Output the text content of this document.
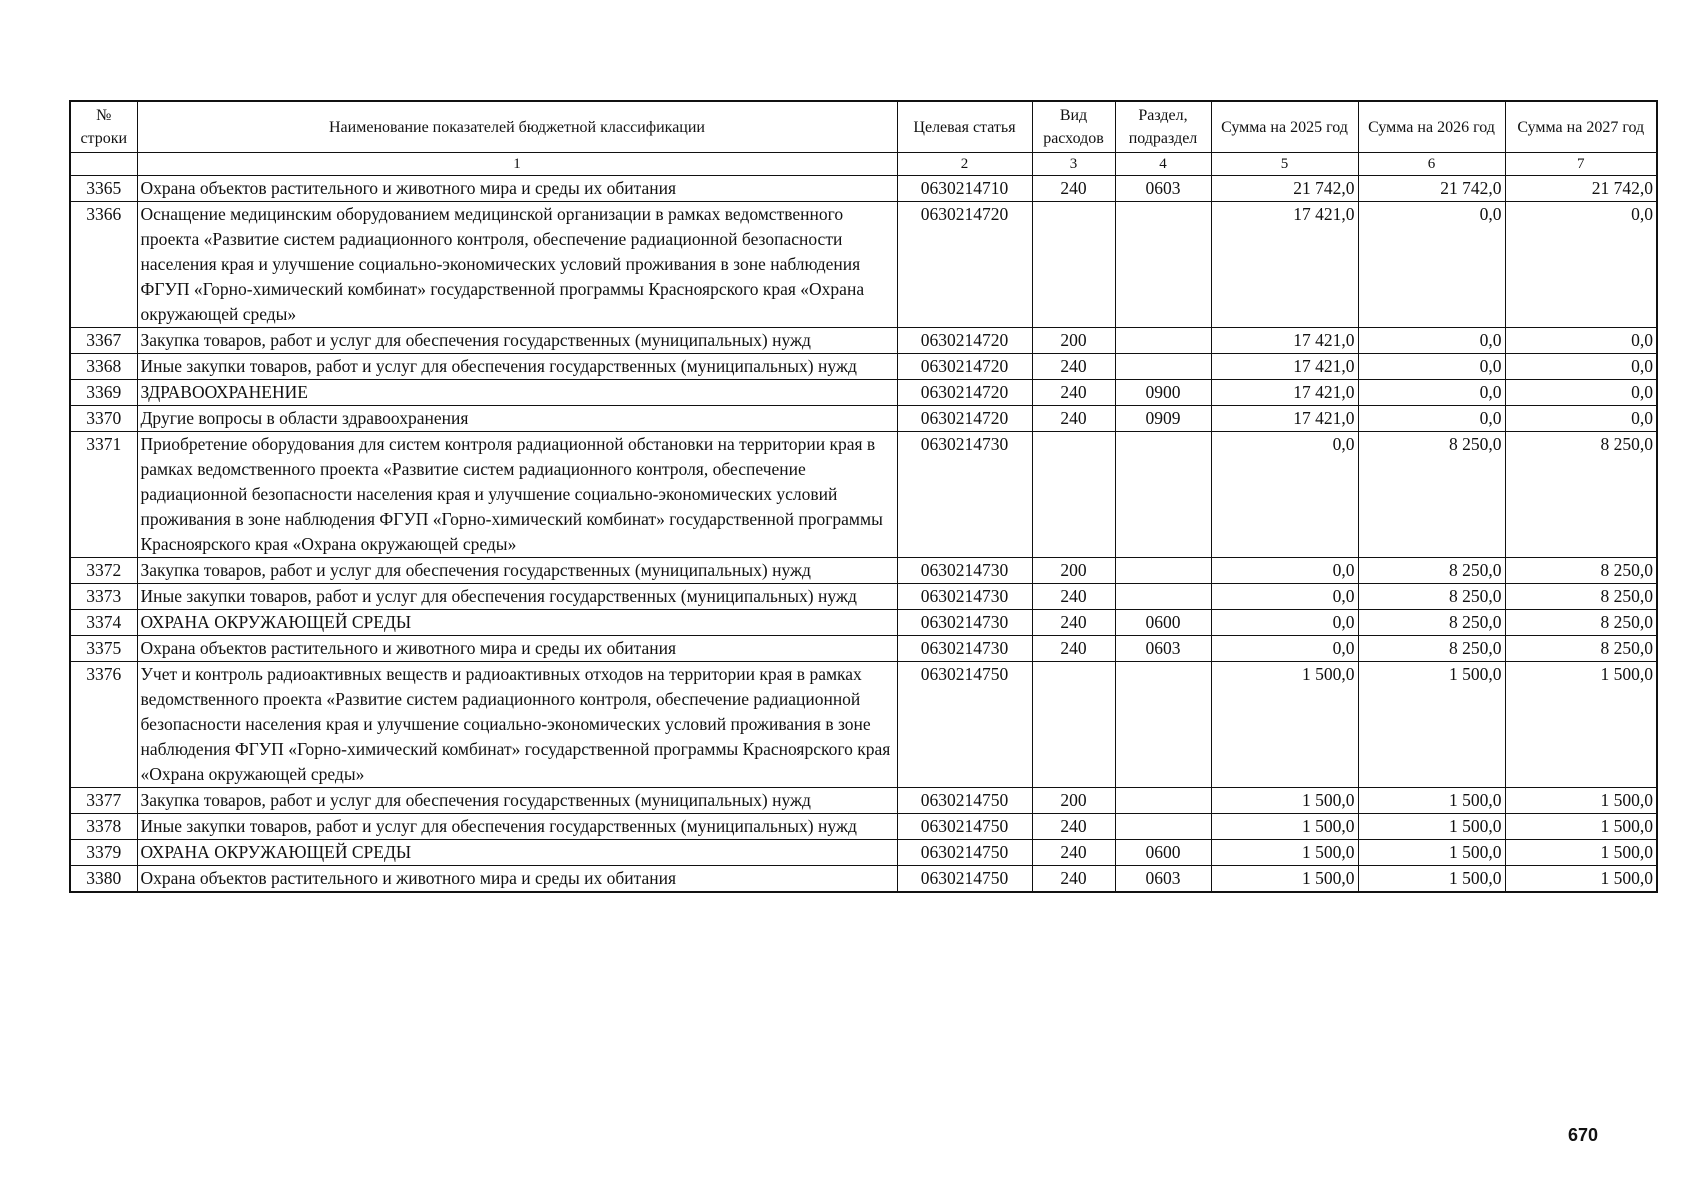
№ строки	Наименование показателей бюджетной классификации	Целевая статья	Вид расходов	Раздел, подраздел	Сумма на 2025 год	Сумма на 2026 год	Сумма на 2027 год
	1	2	3	4	5	6	7
3365	Охрана объектов растительного и животного мира и среды их обитания	0630214710	240	0603	21 742,0	21 742,0	21 742,0
3366	Оснащение медицинским оборудованием медицинской организации в рамках ведомственного проекта «Развитие систем радиационного контроля, обеспечение радиационной безопасности населения края и улучшение социально-экономических условий проживания в зоне наблюдения ФГУП «Горно-химический комбинат» государственной программы Красноярского края «Охрана окружающей среды»	0630214720			17 421,0	0,0	0,0
3367	Закупка товаров, работ и услуг для обеспечения государственных (муниципальных) нужд	0630214720	200		17 421,0	0,0	0,0
3368	Иные закупки товаров, работ и услуг для обеспечения государственных (муниципальных) нужд	0630214720	240		17 421,0	0,0	0,0
3369	ЗДРАВООХРАНЕНИЕ	0630214720	240	0900	17 421,0	0,0	0,0
3370	Другие вопросы в области здравоохранения	0630214720	240	0909	17 421,0	0,0	0,0
3371	Приобретение оборудования для систем контроля радиационной обстановки на территории края в рамках ведомственного проекта «Развитие систем радиационного контроля, обеспечение радиационной безопасности населения края и улучшение социально-экономических условий проживания в зоне наблюдения ФГУП «Горно-химический комбинат» государственной программы Красноярского края «Охрана окружающей среды»	0630214730			0,0	8 250,0	8 250,0
3372	Закупка товаров, работ и услуг для обеспечения государственных (муниципальных) нужд	0630214730	200		0,0	8 250,0	8 250,0
3373	Иные закупки товаров, работ и услуг для обеспечения государственных (муниципальных) нужд	0630214730	240		0,0	8 250,0	8 250,0
3374	ОХРАНА ОКРУЖАЮЩЕЙ СРЕДЫ	0630214730	240	0600	0,0	8 250,0	8 250,0
3375	Охрана объектов растительного и животного мира и среды их обитания	0630214730	240	0603	0,0	8 250,0	8 250,0
3376	Учет и контроль радиоактивных веществ и радиоактивных отходов на территории края в рамках ведомственного проекта «Развитие систем радиационного контроля, обеспечение радиационной безопасности населения края и улучшение социально-экономических условий проживания в зоне наблюдения ФГУП «Горно-химический комбинат» государственной программы Красноярского края «Охрана окружающей среды»	0630214750			1 500,0	1 500,0	1 500,0
3377	Закупка товаров, работ и услуг для обеспечения государственных (муниципальных) нужд	0630214750	200		1 500,0	1 500,0	1 500,0
3378	Иные закупки товаров, работ и услуг для обеспечения государственных (муниципальных) нужд	0630214750	240		1 500,0	1 500,0	1 500,0
3379	ОХРАНА ОКРУЖАЮЩЕЙ СРЕДЫ	0630214750	240	0600	1 500,0	1 500,0	1 500,0
3380	Охрана объектов растительного и животного мира и среды их обитания	0630214750	240	0603	1 500,0	1 500,0	1 500,0
670
